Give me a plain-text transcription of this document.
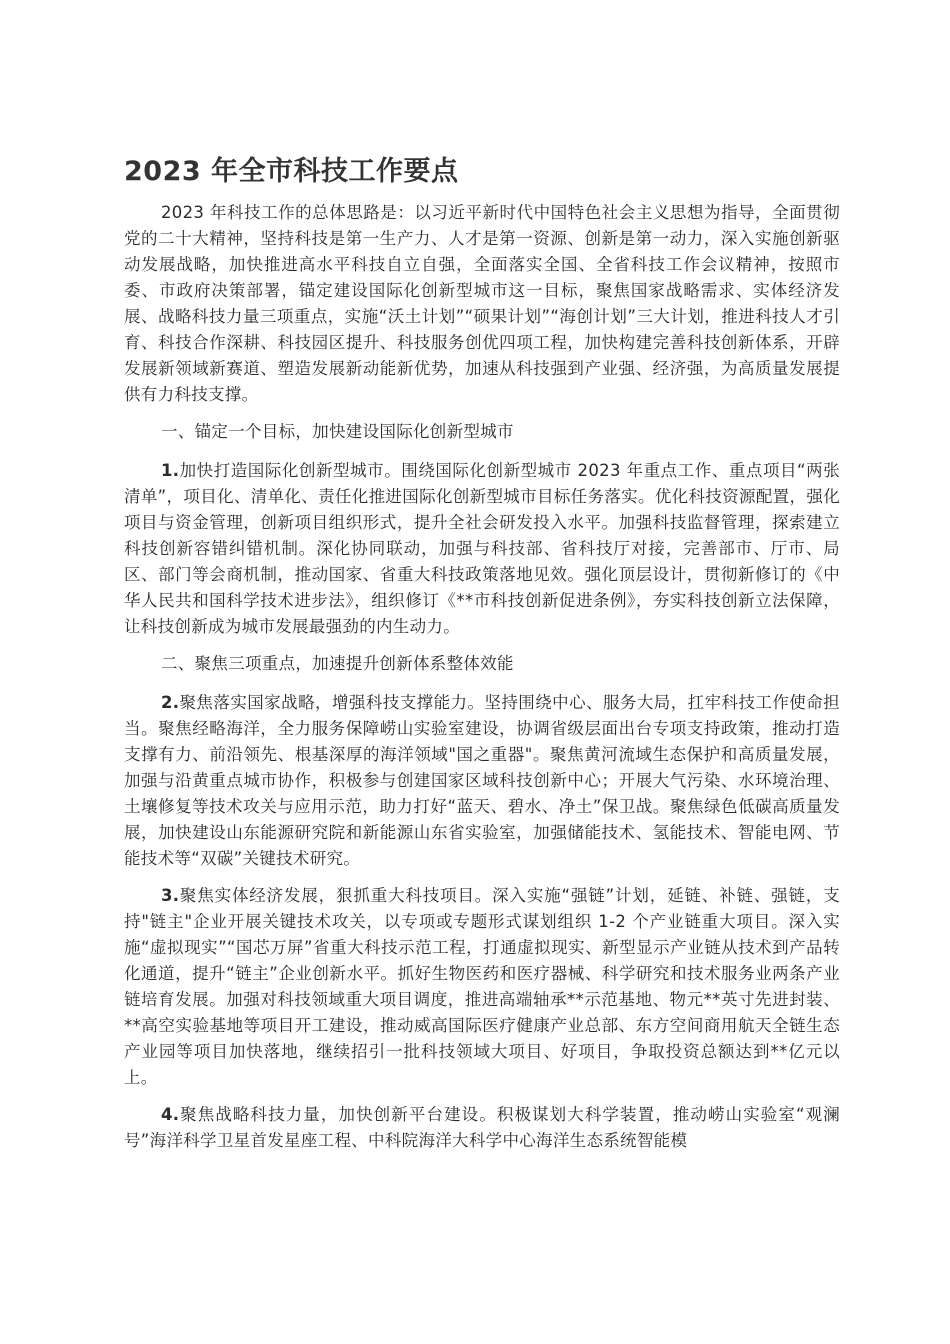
2023 年全市科技工作要点

2023 年科技工作的总体思路是：以习近平新时代中国特色社会主义思想为指导，全面贯彻党的二十大精神，坚持科技是第一生产力、人才是第一资源、创新是第一动力，深入实施创新驱动发展战略，加快推进高水平科技自立自强，全面落实全国、全省科技工作会议精神，按照市委、市政府决策部署，锚定建设国际化创新型城市这一目标，聚焦国家战略需求、实体经济发展、战略科技力量三项重点，实施“沃土计划”“硕果计划”“海创计划”三大计划，推进科技人才引育、科技合作深耕、科技园区提升、科技服务创优四项工程，加快构建完善科技创新体系，开辟发展新领域新赛道、塑造发展新动能新优势，加速从科技强到产业强、经济强，为高质量发展提供有力科技支撑。

一、锚定一个目标，加快建设国际化创新型城市

1.加快打造国际化创新型城市。围绕国际化创新型城市 2023 年重点工作、重点项目“两张清单”，项目化、清单化、责任化推进国际化创新型城市目标任务落实。优化科技资源配置，强化项目与资金管理，创新项目组织形式，提升全社会研发投入水平。加强科技监督管理，探索建立科技创新容错纠错机制。深化协同联动，加强与科技部、省科技厅对接，完善部市、厅市、局区、部门等会商机制，推动国家、省重大科技政策落地见效。强化顶层设计，贯彻新修订的《中华人民共和国科学技术进步法》，组织修订《**市科技创新促进条例》，夯实科技创新立法保障，让科技创新成为城市发展最强劲的内生动力。

二、聚焦三项重点，加速提升创新体系整体效能

2.聚焦落实国家战略，增强科技支撑能力。坚持围绕中心、服务大局，扛牢科技工作使命担当。聚焦经略海洋，全力服务保障崂山实验室建设，协调省级层面出台专项支持政策，推动打造支撑有力、前沿领先、根基深厚的海洋领域"国之重器"。聚焦黄河流域生态保护和高质量发展，加强与沿黄重点城市协作，积极参与创建国家区域科技创新中心；开展大气污染、水环境治理、土壤修复等技术攻关与应用示范，助力打好“蓝天、碧水、净土”保卫战。聚焦绿色低碳高质量发展，加快建设山东能源研究院和新能源山东省实验室，加强储能技术、氢能技术、智能电网、节能技术等“双碳”关键技术研究。

3.聚焦实体经济发展，狠抓重大科技项目。深入实施“强链”计划，延链、补链、强链，支持"链主"企业开展关键技术攻关，以专项或专题形式谋划组织 1-2 个产业链重大项目。深入实施“虚拟现实”“国芯万屏”省重大科技示范工程，打通虚拟现实、新型显示产业链从技术到产品转化通道，提升“链主”企业创新水平。抓好生物医药和医疗器械、科学研究和技术服务业两条产业链培育发展。加强对科技领域重大项目调度，推进高端轴承**示范基地、物元**英寸先进封装、**高空实验基地等项目开工建设，推动威高国际医疗健康产业总部、东方空间商用航天全链生态产业园等项目加快落地，继续招引一批科技领域大项目、好项目，争取投资总额达到**亿元以上。

4.聚焦战略科技力量，加快创新平台建设。积极谋划大科学装置，推动崂山实验室“观澜号”海洋科学卫星首发星座工程、中科院海洋大科学中心海洋生态系统智能模
